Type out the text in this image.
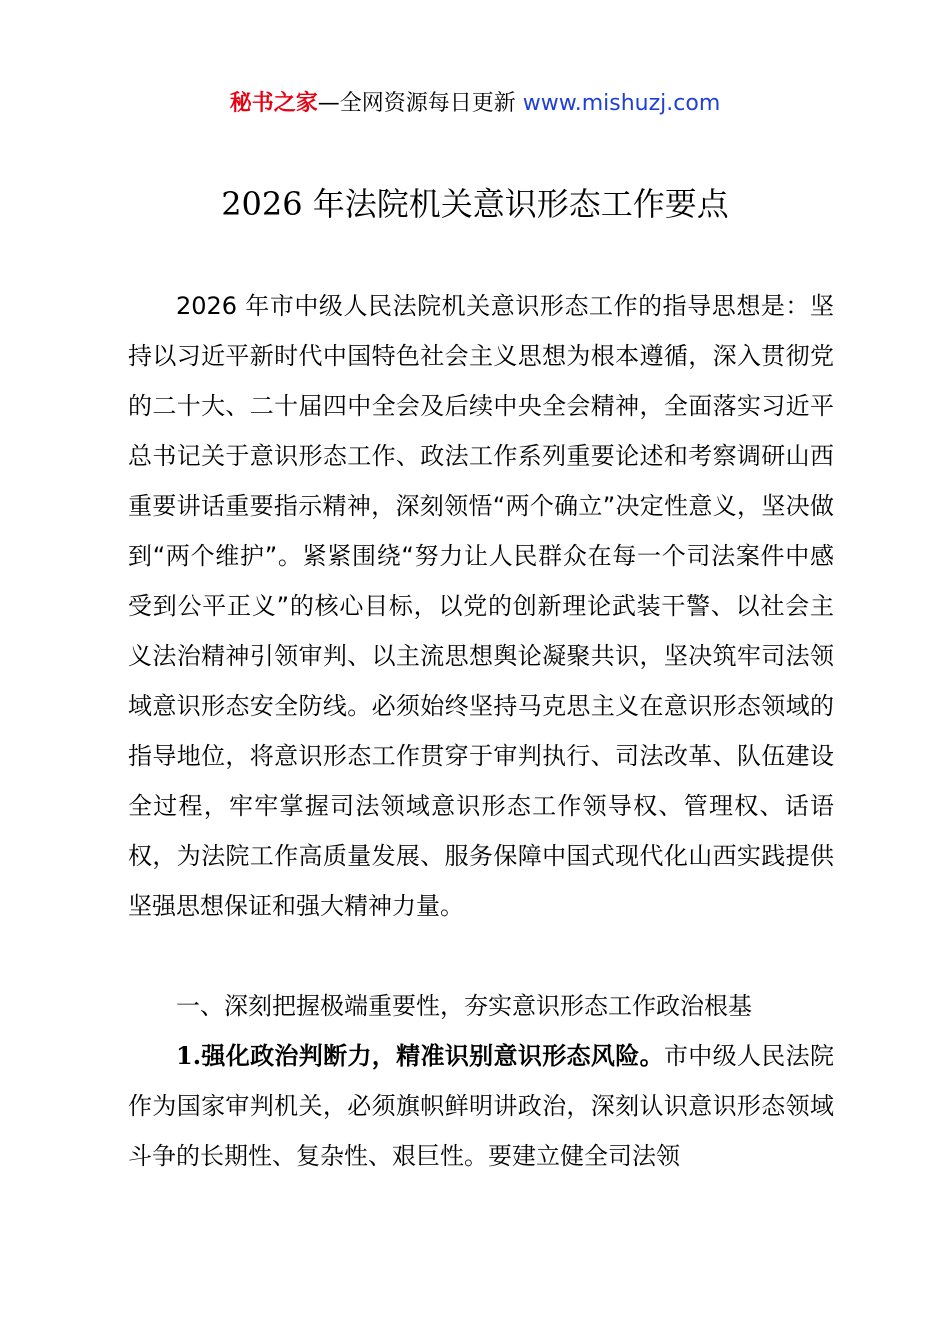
秘书之家—全网资源每日更新 www.mishuzj.com
2026 年法院机关意识形态工作要点

2026 年市中级人民法院机关意识形态工作的指导思想是：坚持以习近平新时代中国特色社会主义思想为根本遵循，深入贯彻党的二十大、二十届四中全会及后续中央全会精神，全面落实习近平总书记关于意识形态工作、政法工作系列重要论述和考察调研山西重要讲话重要指示精神，深刻领悟“两个确立”决定性意义，坚决做到“两个维护”。紧紧围绕“努力让人民群众在每一个司法案件中感受到公平正义”的核心目标，以党的创新理论武装干警、以社会主义法治精神引领审判、以主流思想舆论凝聚共识，坚决筑牢司法领域意识形态安全防线。必须始终坚持马克思主义在意识形态领域的指导地位，将意识形态工作贯穿于审判执行、司法改革、队伍建设全过程，牢牢掌握司法领域意识形态工作领导权、管理权、话语权，为法院工作高质量发展、服务保障中国式现代化山西实践提供坚强思想保证和强大精神力量。

一、深刻把握极端重要性，夯实意识形态工作政治根基

1.强化政治判断力，精准识别意识形态风险。市中级人民法院作为国家审判机关，必须旗帜鲜明讲政治，深刻认识意识形态领域斗争的长期性、复杂性、艰巨性。要建立健全司法领
